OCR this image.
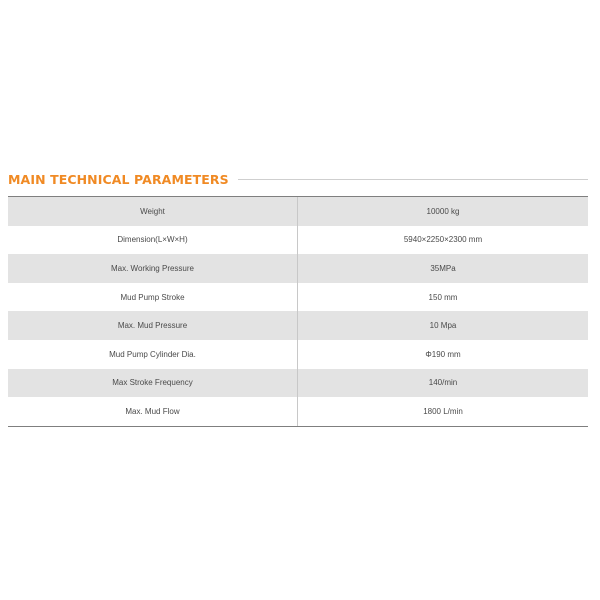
MAIN TECHNICAL PARAMETERS
Weight	10000 kg
Dimension(L×W×H)	5940×2250×2300 mm
Max. Working Pressure	35MPa
Mud Pump Stroke	150 mm
Max. Mud Pressure	10 Mpa
Mud Pump Cylinder Dia.	Φ190 mm
Max Stroke Frequency	140/min
Max. Mud Flow	1800 L/min
